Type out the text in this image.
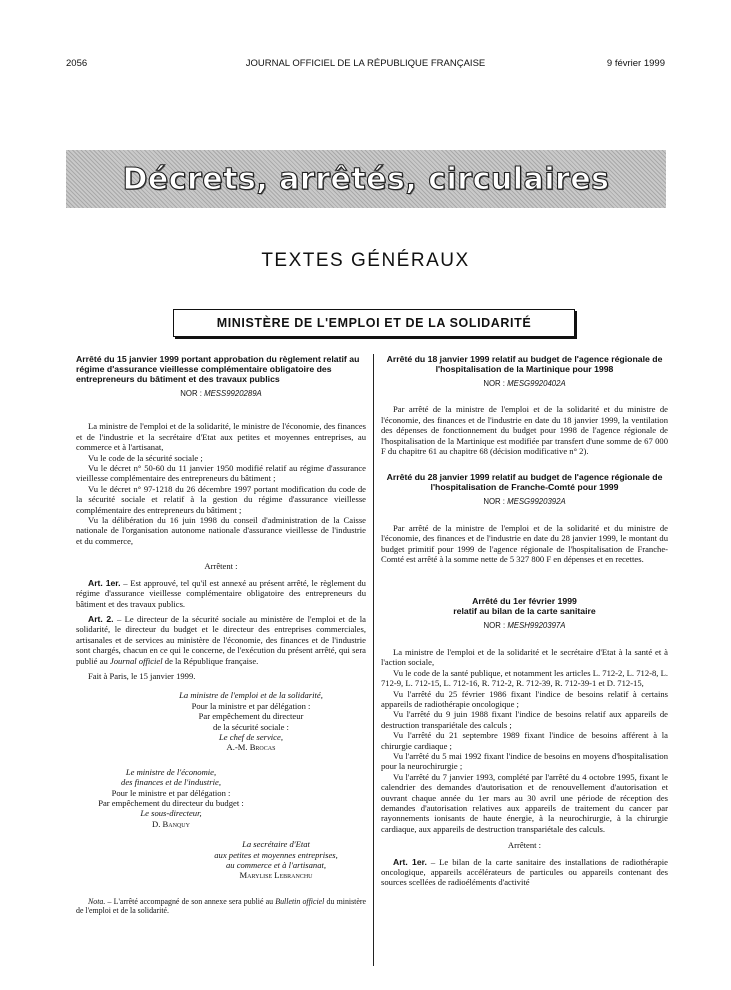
2056	JOURNAL OFFICIEL DE LA RÉPUBLIQUE FRANÇAISE	9 février 1999
Décrets, arrêtés, circulaires
TEXTES GÉNÉRAUX
MINISTÈRE DE L'EMPLOI ET DE LA SOLIDARITÉ
Arrêté du 15 janvier 1999 portant approbation du règlement relatif au régime d'assurance vieillesse complémentaire obligatoire des entrepreneurs du bâtiment et des travaux publics
NOR : MESS9920289A

La ministre de l'emploi et de la solidarité, le ministre de l'économie, des finances et de l'industrie et la secrétaire d'Etat aux petites et moyennes entreprises, au commerce et à l'artisanat,

Vu le code de la sécurité sociale ;

Vu le décret n° 50-60 du 11 janvier 1950 modifié relatif au régime d'assurance vieillesse complémentaire des entrepreneurs du bâtiment ;

Vu le décret n° 97-1218 du 26 décembre 1997 portant modification du code de la sécurité sociale et relatif à la gestion du régime d'assurance vieillesse complémentaire des entrepreneurs du bâtiment ;

Vu la délibération du 16 juin 1998 du conseil d'administration de la Caisse nationale de l'organisation autonome nationale d'assurance vieillesse de l'industrie et du commerce,

Arrêtent :

Art. 1er. – Est approuvé, tel qu'il est annexé au présent arrêté, le règlement du régime d'assurance vieillesse complémentaire obligatoire des entrepreneurs du bâtiment et des travaux publics.

Art. 2. – Le directeur de la sécurité sociale au ministère de l'emploi et de la solidarité, le directeur du budget et le directeur des entreprises commerciales, artisanales et de services au ministère de l'économie, des finances et de l'industrie sont chargés, chacun en ce qui le concerne, de l'exécution du présent arrêté, qui sera publié au Journal officiel de la République française.

Fait à Paris, le 15 janvier 1999.

La ministre de l'emploi et de la solidarité,
Pour la ministre et par délégation :
Par empêchement du directeur
de la sécurité sociale :
Le chef de service,
A.-M. Brocas
Le ministre de l'économie,
des finances et de l'industrie,
Pour le ministre et par délégation :
Par empêchement du directeur du budget :
Le sous-directeur,
D. Banquy
La secrétaire d'Etat
aux petites et moyennes entreprises,
au commerce et à l'artisanat,
Marylise Lebranchu

Nota. – L'arrêté accompagné de son annexe sera publié au Bulletin officiel du ministère de l'emploi et de la solidarité.

Arrêté du 18 janvier 1999 relatif au budget de l'agence régionale de l'hospitalisation de la Martinique pour 1998
NOR : MESG9920402A

Par arrêté de la ministre de l'emploi et de la solidarité et du ministre de l'économie, des finances et de l'industrie en date du 18 janvier 1999, la ventilation des dépenses de fonctionnement du budget pour 1998 de l'agence régionale de l'hospitalisation de la Martinique est modifiée par transfert d'une somme de 67 000 F du chapitre 61 au chapitre 68 (décision modificative n° 2).

Arrêté du 28 janvier 1999 relatif au budget de l'agence régionale de l'hospitalisation de Franche-Comté pour 1999
NOR : MESG9920392A

Par arrêté de la ministre de l'emploi et de la solidarité et du ministre de l'économie, des finances et de l'industrie en date du 28 janvier 1999, le montant du budget primitif pour 1999 de l'agence régionale de l'hospitalisation de Franche-Comté est arrêté à la somme nette de 5 327 800 F en dépenses et en recettes.

Arrêté du 1er février 1999
relatif au bilan de la carte sanitaire
NOR : MESH9920397A

La ministre de l'emploi et de la solidarité et le secrétaire d'Etat à la santé et à l'action sociale,

Vu le code de la santé publique, et notamment les articles L. 712-2, L. 712-8, L. 712-9, L. 712-15, L. 712-16, R. 712-2, R. 712-39, R. 712-39-1 et D. 712-15,

Vu l'arrêté du 25 février 1986 fixant l'indice de besoins relatif à certains appareils de radiothérapie oncologique ;

Vu l'arrêté du 9 juin 1988 fixant l'indice de besoins relatif aux appareils de destruction transpariétale des calculs ;

Vu l'arrêté du 21 septembre 1989 fixant l'indice de besoins afférent à la chirurgie cardiaque ;

Vu l'arrêté du 5 mai 1992 fixant l'indice de besoins en moyens d'hospitalisation pour la neurochirurgie ;

Vu l'arrêté du 7 janvier 1993, complété par l'arrêté du 4 octobre 1995, fixant le calendrier des demandes d'autorisation et de renouvellement d'autorisation et ouvrant chaque année du 1er mars au 30 avril une période de réception des demandes d'autorisation relatives aux appareils de traitement du cancer par rayonnements ionisants de haute énergie, à la neurochirurgie, à la chirurgie cardiaque, aux appareils de destruction transpariétale des calculs.

Arrêtent :

Art. 1er. – Le bilan de la carte sanitaire des installations de radiothérapie oncologique, appareils accélérateurs de particules ou appareils contenant des sources scellées de radioéléments d'activité
